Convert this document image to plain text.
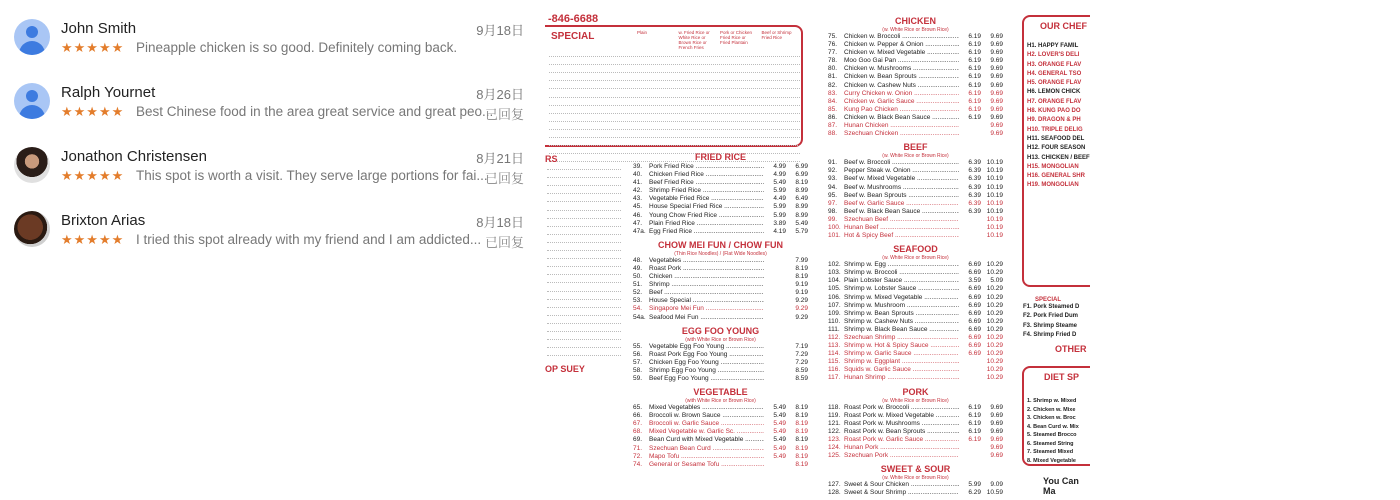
John Smith
★★★★★ Pineapple chicken is so good. Definitely coming back.
9月18日
Ralph Yournet
★★★★★ Best Chinese food in the area great service and great peo...
8月26日
已回复
Jonathon Christensen
★★★★★ This spot is worth a visit. They serve large portions for fai...
8月21日
已回复
Brixton Arias
★★★★★ I tried this spot already with my friend and I am addicted...
8月18日
已回复
-846-6688
SPECIAL	Plain	w. Fried Rice or White Rice or Brown Rice or French Fries
Pork or Chicken Fried Rice or Fried Plantain
Beef or Shrimp Fried Rice
RS
OP SUEY
FRIED RICE
39.	Pork Fried Rice .....	4.99	6.99
40.	Chicken Fried Rice .....	4.99	6.99
41.	Beef Fried Rice .....	5.49	8.19
42.	Shrimp Fried Rice .....	5.99	8.99
43.	Vegetable Fried Rice .....	4.49	6.49
45.	House Special Fried Rice .....	5.99	8.99
46.	Young Chow Fried Rice .....	5.99	8.99
47.	Plain Fried Rice .....	3.89	5.49
47a. Egg Fried Rice .....	4.19	5.79
CHOW MEI FUN / CHOW FUN
(Thin Rice Noodles) / (Flat Wide Noodles)
48.	Vegetables .....	7.99
49.	Roast Pork .....	8.19
50.	Chicken .....	8.19
51.	Shrimp .....	9.19
52.	Beef .....	9.19
53.	House Special .....	9.29
54.	Singapore Mei Fun .....	9.29
54a. Seafood Mei Fun .....	9.29
EGG FOO YOUNG
(with White Rice or Brown Rice)
55.	Vegetable Egg Foo Young .....	7.19
56.	Roast Pork Egg Foo Young .....	7.29
57.	Chicken Egg Foo Young .....	7.29
58.	Shrimp Egg Foo Young .....	8.59
59.	Beef Egg Foo Young .....	8.59
VEGETABLE
(with White Rice or Brown Rice)
65.	Mixed Vegetables .....	5.49	8.19
66.	Broccoli w. Brown Sauce .....	5.49	8.19
67.	Broccoli w. Garlic Sauce .....	5.49	8.19
68.	Mixed Vegetable w. Garlic Sc. .....	5.49	8.19
69.	Bean Curd with Mixed Vegetable .....	5.49	8.19
71.	Szechuan Bean Curd .....	5.49	8.19
72.	Mapo Tofu .....	5.49	8.19
74.	General or Sesame Tofu .....	8.19
CHICKEN
(w. White Rice or Brown Rice)
75.	Chicken w. Broccoli .....	6.19	9.69
76.	Chicken w. Pepper & Onion .....	6.19	9.69
77.	Chicken w. Mixed Vegetable .....	6.19	9.69
78.	Moo Goo Gai Pan .....	6.19	9.69
80.	Chicken w. Mushrooms .....	6.19	9.69
81.	Chicken w. Bean Sprouts .....	6.19	9.69
82.	Chicken w. Cashew Nuts .....	6.19	9.69
83.	Curry Chicken w. Onion .....	6.19	9.69
84.	Chicken w. Garlic Sauce .....	6.19	9.69
85.	Kung Pao Chicken .....	6.19	9.69
86.	Chicken w. Black Bean Sauce .....	6.19	9.69
87.	Hunan Chicken .....	9.69
88.	Szechuan Chicken .....	9.69
BEEF
(w. White Rice or Brown Rice)
91.	Beef w. Broccoli .....	6.39 10.19
92.	Pepper Steak w. Onion .....	6.39 10.19
93.	Beef w. Mixed Vegetable .....	6.39 10.19
94.	Beef w. Mushrooms .....	6.39 10.19
95.	Beef w. Bean Sprouts .....	6.39 10.19
97.	Beef w. Garlic Sauce .....	6.39 10.19
98.	Beef w. Black Bean Sauce .....	6.39 10.19
99.	Szechuan Beef .....	10.19
100. Hunan Beef .....	10.19
101. Hot & Spicy Beef .....	10.19
SEAFOOD
(w. White Rice or Brown Rice)
102. Shrimp w. Egg .....	6.69 10.29
103. Shrimp w. Broccoli .....	6.69 10.29
104. Plain Lobster Sauce .....	3.59	5.09
105. Shrimp w. Lobster Sauce .....	6.69 10.29
106. Shrimp w. Mixed Vegetable .....	6.69 10.29
107. Shrimp w. Mushroom .....	6.69 10.29
109. Shrimp w. Bean Sprouts .....	6.69 10.29
110. Shrimp w. Cashew Nuts .....	6.69 10.29
111. Shrimp w. Black Bean Sauce .....	6.69 10.29
112. Szechuan Shrimp .....	6.69 10.29
113. Shrimp w. Hot & Spicy Sauce .....	6.69 10.29
114. Shrimp w. Garlic Sauce .....	6.69 10.29
115. Shrimp w. Eggplant .....	10.29
116. Squids w. Garlic Sauce .....	10.29
117. Hunan Shrimp .....	10.29
PORK
(w. White Rice or Brown Rice)
118. Roast Pork w. Broccoli .....	6.19	9.69
119. Roast Pork w. Mixed Vegetable .....	6.19	9.69
121. Roast Pork w. Mushrooms .....	6.19	9.69
122. Roast Pork w. Bean Sprouts .....	6.19	9.69
123. Roast Pork w. Garlic Sauce .....	6.19	9.69
124. Hunan Pork .....	9.69
125. Szechuan Pork .....	9.69
SWEET & SOUR
(w. White Rice or Brown Rice)
127. Sweet & Sour Chicken .....	5.99	9.09
128. Sweet & Sour Shrimp .....	6.29 10.59
OUR CHEF
H1. HAPPY FAMIL
H2. LOVER'S DELI
H3. ORANGE FLAV
H4. GENERAL TSO
H5. ORANGE FLAV
H6. LEMON CHICK
H7. ORANGE FLAV
H8. KUNG PAO DO
H9. DRAGON & PH
H10. TRIPLE DELIG
H11. SEAFOOD DEL
H12. FOUR SEASON
H13. CHICKEN / BEEF
H15. MONGOLIAN
H16. GENERAL SHR
H19. MONGOLIAN
SPECIAL
F1. Pork Steamed D
F2. Pork Fried Dum
F3. Shrimp Steame
F4. Shrimp Fried D
OTHER
DIET SP
1. Shrimp w. Mixed
2. Chicken w. Mixe
3. Chicken w. Broc
4. Bean Curd w. Mix
5. Steamed Brocco
6. Steamed String
7. Steamed Mixed
8. Mixed Vegetable
You Can Ma
